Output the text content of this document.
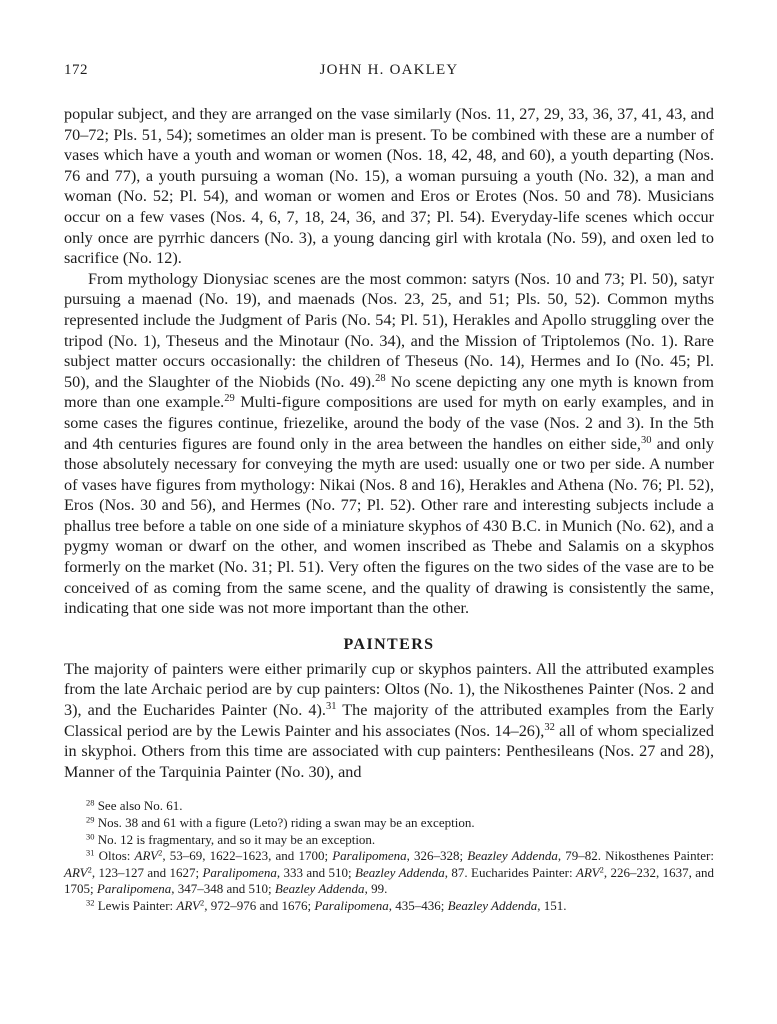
172	JOHN H. OAKLEY

popular subject, and they are arranged on the vase similarly (Nos. 11, 27, 29, 33, 36, 37, 41, 43, and 70–72; Pls. 51, 54); sometimes an older man is present. To be combined with these are a number of vases which have a youth and woman or women (Nos. 18, 42, 48, and 60), a youth departing (Nos. 76 and 77), a youth pursuing a woman (No. 15), a woman pursuing a youth (No. 32), a man and woman (No. 52; Pl. 54), and woman or women and Eros or Erotes (Nos. 50 and 78). Musicians occur on a few vases (Nos. 4, 6, 7, 18, 24, 36, and 37; Pl. 54). Everyday-life scenes which occur only once are pyrrhic dancers (No. 3), a young dancing girl with krotala (No. 59), and oxen led to sacrifice (No. 12).

From mythology Dionysiac scenes are the most common: satyrs (Nos. 10 and 73; Pl. 50), satyr pursuing a maenad (No. 19), and maenads (Nos. 23, 25, and 51; Pls. 50, 52). Common myths represented include the Judgment of Paris (No. 54; Pl. 51), Herakles and Apollo struggling over the tripod (No. 1), Theseus and the Minotaur (No. 34), and the Mission of Triptolemos (No. 1). Rare subject matter occurs occasionally: the children of Theseus (No. 14), Hermes and Io (No. 45; Pl. 50), and the Slaughter of the Niobids (No. 49).$^{28}$ No scene depicting any one myth is known from more than one example.$^{29}$ Multi-figure compositions are used for myth on early examples, and in some cases the figures continue, friezelike, around the body of the vase (Nos. 2 and 3). In the 5th and 4th centuries figures are found only in the area between the handles on either side,$^{30}$ and only those absolutely necessary for conveying the myth are used: usually one or two per side. A number of vases have figures from mythology: Nikai (Nos. 8 and 16), Herakles and Athena (No. 76; Pl. 52), Eros (Nos. 30 and 56), and Hermes (No. 77; Pl. 52). Other rare and interesting subjects include a phallus tree before a table on one side of a miniature skyphos of 430 B.C. in Munich (No. 62), and a pygmy woman or dwarf on the other, and women inscribed as Thebe and Salamis on a skyphos formerly on the market (No. 31; Pl. 51). Very often the figures on the two sides of the vase are to be conceived of as coming from the same scene, and the quality of drawing is consistently the same, indicating that one side was not more important than the other.

PAINTERS

The majority of painters were either primarily cup or skyphos painters. All the attributed examples from the late Archaic period are by cup painters: Oltos (No. 1), the Nikosthenes Painter (Nos. 2 and 3), and the Eucharides Painter (No. 4).$^{31}$ The majority of the attributed examples from the Early Classical period are by the Lewis Painter and his associates (Nos. 14–26),$^{32}$ all of whom specialized in skyphoi. Others from this time are associated with cup painters: Penthesileans (Nos. 27 and 28), Manner of the Tarquinia Painter (No. 30), and

$^{28}$ See also No. 61.

$^{29}$ Nos. 38 and 61 with a figure (Leto?) riding a swan may be an exception.

$^{30}$ No. 12 is fragmentary, and so it may be an exception.

$^{31}$ Oltos: ARV$^2$, 53–69, 1622–1623, and 1700; Paralipomena, 326–328; Beazley Addenda, 79–82. Nikosthenes Painter: ARV$^2$, 123–127 and 1627; Paralipomena, 333 and 510; Beazley Addenda, 87. Eucharides Painter: ARV$^2$, 226–232, 1637, and 1705; Paralipomena, 347–348 and 510; Beazley Addenda, 99.

$^{32}$ Lewis Painter: ARV$^2$, 972–976 and 1676; Paralipomena, 435–436; Beazley Addenda, 151.
